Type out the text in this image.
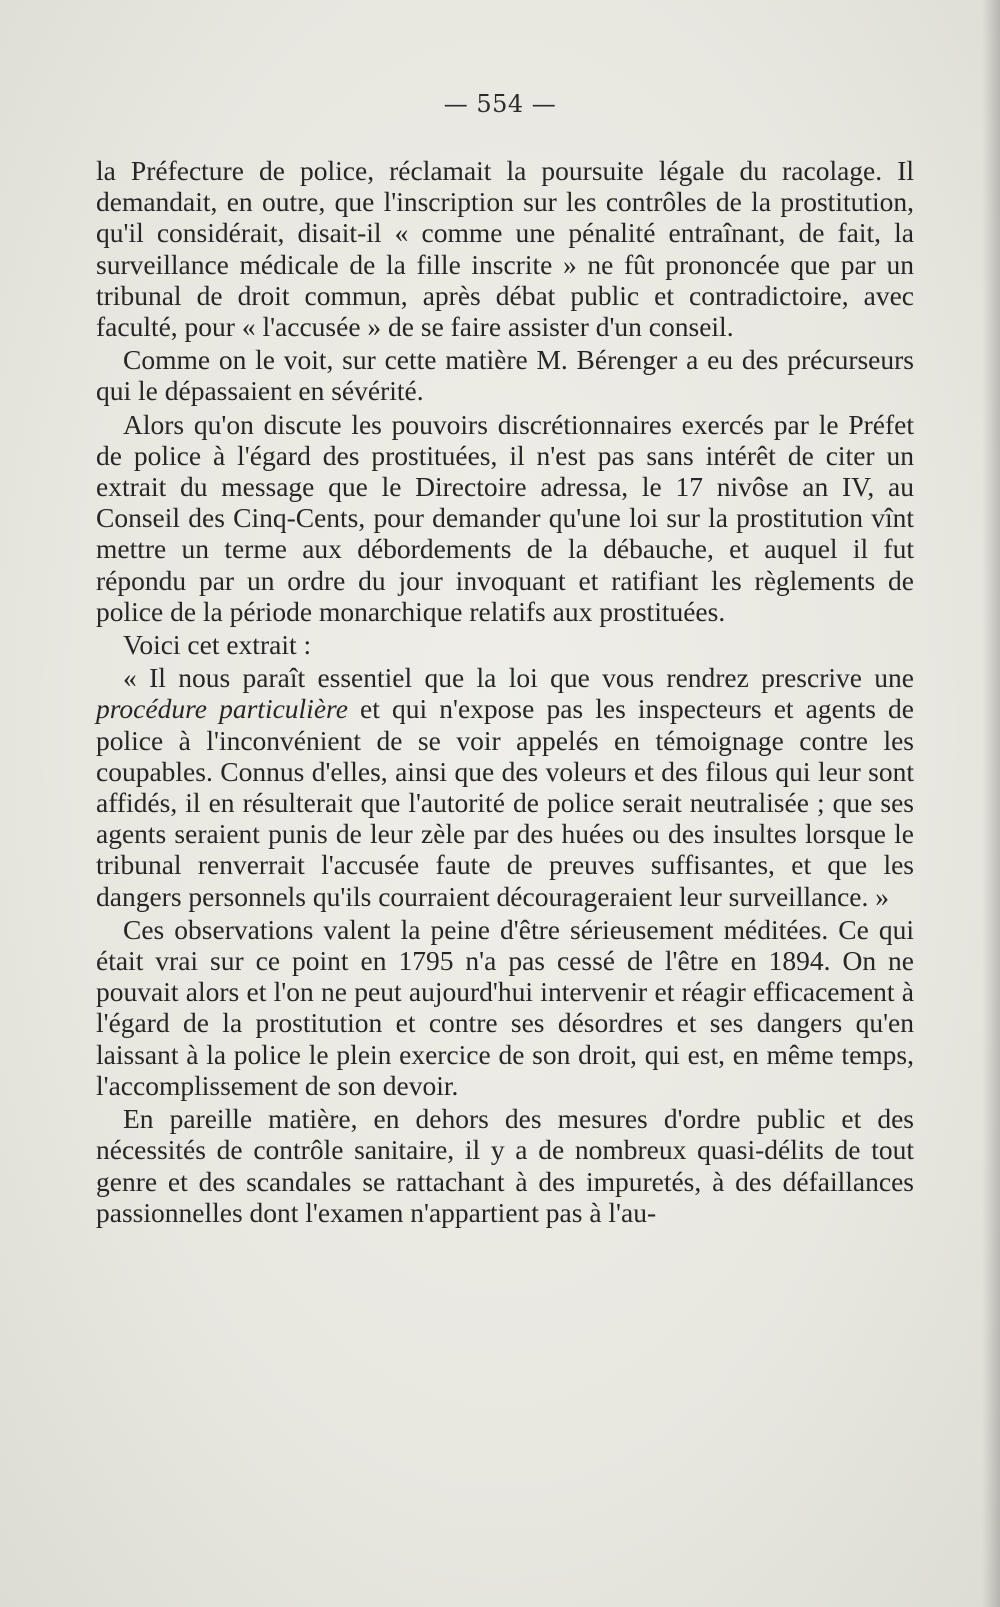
— 554 —

la Préfecture de police, réclamait la poursuite légale du racolage. Il demandait, en outre, que l'inscription sur les contrôles de la prostitution, qu'il considérait, disait-il « comme une pénalité entraînant, de fait, la surveillance médicale de la fille inscrite » ne fût prononcée que par un tribunal de droit commun, après débat public et contradictoire, avec faculté, pour « l'accusée » de se faire assister d'un conseil.

Comme on le voit, sur cette matière M. Bérenger a eu des précurseurs qui le dépassaient en sévérité.

Alors qu'on discute les pouvoirs discrétionnaires exercés par le Préfet de police à l'égard des prostituées, il n'est pas sans intérêt de citer un extrait du message que le Directoire adressa, le 17 nivôse an IV, au Conseil des Cinq-Cents, pour demander qu'une loi sur la prostitution vînt mettre un terme aux débordements de la débauche, et auquel il fut répondu par un ordre du jour invoquant et ratifiant les règlements de police de la période monarchique relatifs aux prostituées.

Voici cet extrait :

« Il nous paraît essentiel que la loi que vous rendrez prescrive une procédure particulière et qui n'expose pas les inspecteurs et agents de police à l'inconvénient de se voir appelés en témoignage contre les coupables. Connus d'elles, ainsi que des voleurs et des filous qui leur sont affidés, il en résulterait que l'autorité de police serait neutralisée ; que ses agents seraient punis de leur zèle par des huées ou des insultes lorsque le tribunal renverrait l'accusée faute de preuves suffisantes, et que les dangers personnels qu'ils courraient décourageraient leur surveillance. »

Ces observations valent la peine d'être sérieusement méditées. Ce qui était vrai sur ce point en 1795 n'a pas cessé de l'être en 1894. On ne pouvait alors et l'on ne peut aujourd'hui intervenir et réagir efficacement à l'égard de la prostitution et contre ses désordres et ses dangers qu'en laissant à la police le plein exercice de son droit, qui est, en même temps, l'accomplissement de son devoir.

En pareille matière, en dehors des mesures d'ordre public et des nécessités de contrôle sanitaire, il y a de nombreux quasi-délits de tout genre et des scandales se rattachant à des impuretés, à des défaillances passionnelles dont l'examen n'appartient pas à l'au-
